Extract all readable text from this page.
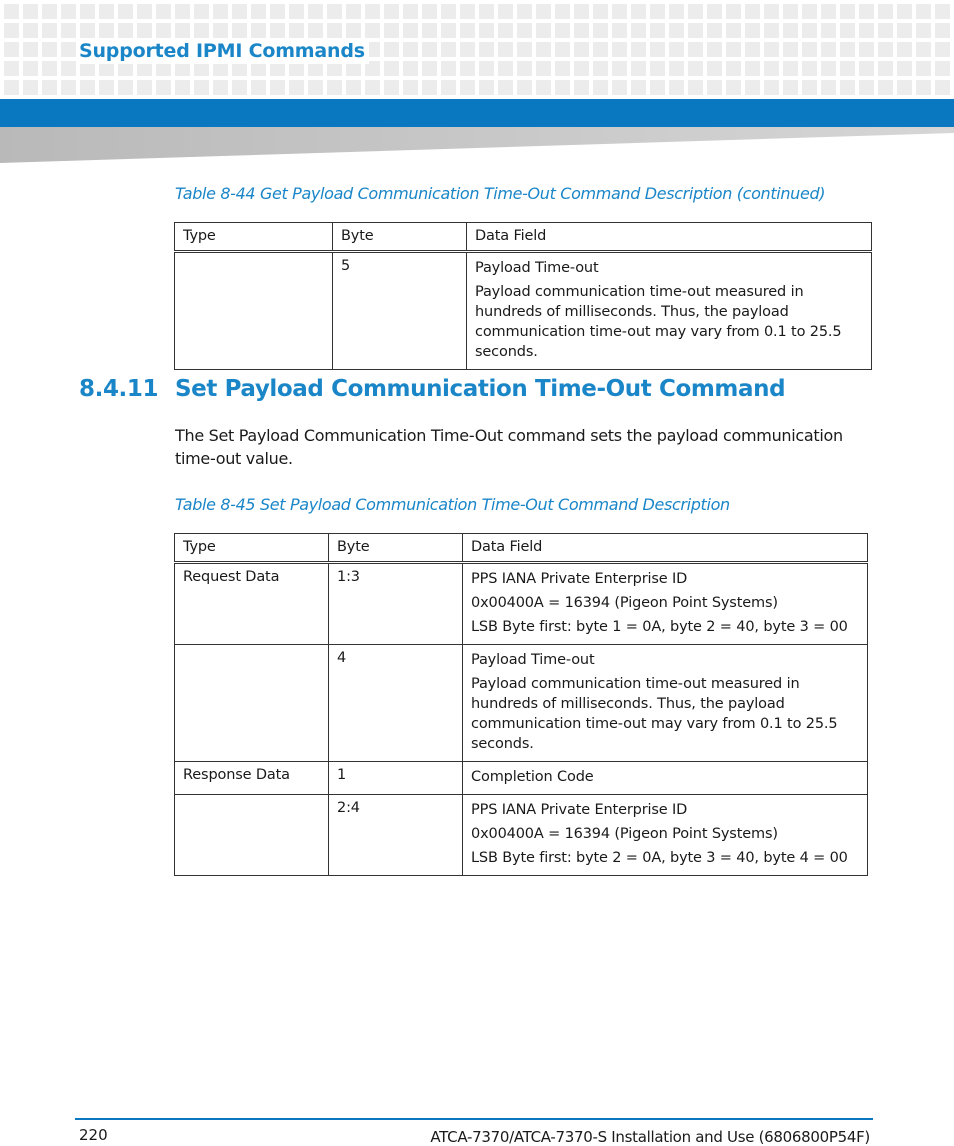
Supported IPMI Commands

Table 8-44 Get Payload Communication Time-Out Command Description (continued)

Type	Byte	Data Field
	5	Payload Time-out

Payload communication time-out measured in hundreds of milliseconds. Thus, the payload communication time-out may vary from 0.1 to 25.5 seconds.

8.4.11 Set Payload Communication Time-Out Command

The Set Payload Communication Time-Out command sets the payload communication time-out value.

Table 8-45 Set Payload Communication Time-Out Command Description

Type	Byte	Data Field
Request Data	1:3	PPS IANA Private Enterprise ID

0x00400A = 16394 (Pigeon Point Systems)

LSB Byte first: byte 1 = 0A, byte 2 = 40, byte 3 = 00

	4	Payload Time-out

Payload communication time-out measured in hundreds of milliseconds. Thus, the payload communication time-out may vary from 0.1 to 25.5 seconds.

Response Data	1	Completion Code

	2:4	PPS IANA Private Enterprise ID

0x00400A = 16394 (Pigeon Point Systems)

LSB Byte first: byte 2 = 0A, byte 3 = 40, byte 4 = 00

220	ATCA-7370/ATCA-7370-S Installation and Use (6806800P54F)
